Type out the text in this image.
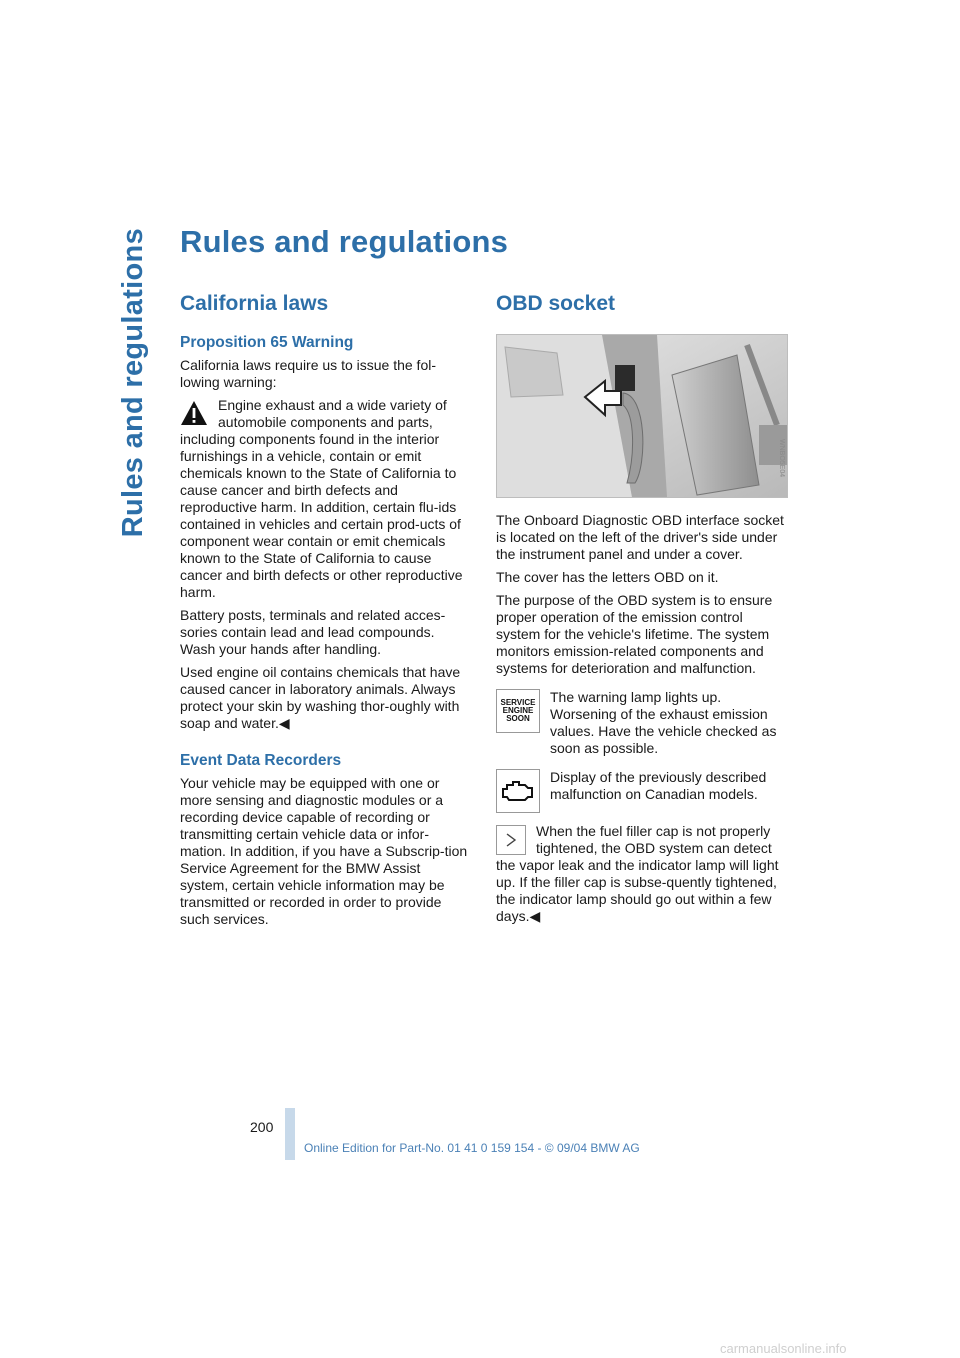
Rules and regulations Rules and regulations
California laws
Proposition 65 Warning

California laws require us to issue the fol-lowing warning:

Engine exhaust and a wide variety of automobile components and parts, including components found in the interior furnishings in a vehicle, contain or emit chemicals known to the State of California to cause cancer and birth defects and reproductive harm. In addition, certain flu-ids contained in vehicles and certain prod-ucts of component wear contain or emit chemicals known to the State of California to cause cancer and birth defects or other reproductive harm.

Battery posts, terminals and related acces-sories contain lead and lead compounds. Wash your hands after handling.

Used engine oil contains chemicals that have caused cancer in laboratory animals. Always protect your skin by washing thor-oughly with soap and water.◀

Event Data Recorders

Your vehicle may be equipped with one or more sensing and diagnostic modules or a recording device capable of recording or transmitting certain vehicle data or infor-mation. In addition, if you have a Subscrip-tion Service Agreement for the BMW Assist system, certain vehicle information may be transmitted or recorded in order to provide such services.

OBD socket
WNBO5E04

The Onboard Diagnostic OBD interface socket is located on the left of the driver's side under the instrument panel and under a cover.

The cover has the letters OBD on it.

The purpose of the OBD system is to ensure proper operation of the emission control system for the vehicle's lifetime. The system monitors emission-related components and systems for deterioration and malfunction.

SERVICE
ENGINE
SOON

The warning lamp lights up. Worsening of the exhaust emission values. Have the vehicle checked as soon as possible.

Display of the previously described malfunction on Canadian models.

When the fuel filler cap is not properly tightened, the OBD system can detect the vapor leak and the indicator lamp will light up. If the filler cap is subse-quently tightened, the indicator lamp should go out within a few days.◀

200

Online Edition for Part-No. 01 41 0 159 154 - © 09/04 BMW AG

carmanualsonline.info
